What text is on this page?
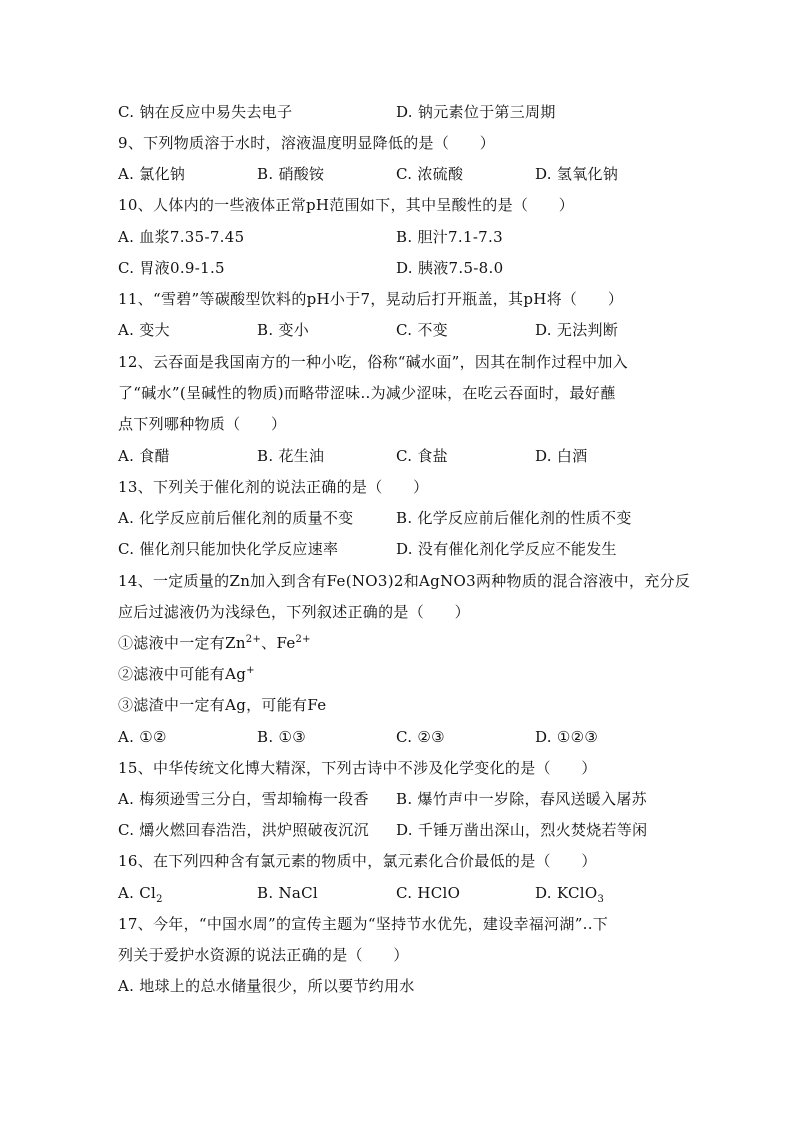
C. 钠在反应中易失去电子	D. 钠元素位于第三周期
9、下列物质溶于水时，溶液温度明显降低的是（　　）
A. 氯化钠	B. 硝酸铵	C. 浓硫酸	D. 氢氧化钠
10、人体内的一些液体正常pH范围如下，其中呈酸性的是（　　）
A. 血浆7.35-7.45	B. 胆汁7.1-7.3
C. 胃液0.9-1.5	D. 胰液7.5-8.0
11、“雪碧”等碳酸型饮料的pH小于7，晃动后打开瓶盖，其pH将（　　）
A. 变大	B. 变小	C. 不变	D. 无法判断
12、云吞面是我国南方的一种小吃，俗称“碱水面”，因其在制作过程中加入
了“碱水”(呈碱性的物质)而略带涩味..为减少涩味，在吃云吞面时，最好蘸
点下列哪种物质（　　）
A. 食醋	B. 花生油	C. 食盐	D. 白酒
13、下列关于催化剂的说法正确的是（　　）
A. 化学反应前后催化剂的质量不变	B. 化学反应前后催化剂的性质不变
C. 催化剂只能加快化学反应速率	D. 没有催化剂化学反应不能发生
14、一定质量的Zn加入到含有Fe(NO3)2和AgNO3两种物质的混合溶液中，充分反
应后过滤液仍为浅绿色，下列叙述正确的是（　　）
①滤液中一定有$Zn^{2+}$、$Fe^{2+}$
②滤液中可能有Ag+
③滤渣中一定有Ag，可能有Fe
A. ①②	B. ①③	C. ②③	D. ①②③
15、中华传统文化博大精深，下列古诗中不涉及化学变化的是（　　）
A. 梅须逊雪三分白，雪却输梅一段香 B. 爆竹声中一岁除，春风送暖入屠苏
C. 爝火燃回春浩浩，洪炉照破夜沉沉 D. 千锤万凿出深山，烈火焚烧若等闲
16、在下列四种含有氯元素的物质中，氯元素化合价最低的是（　　）
A. $Cl_2$	B. NaCl	C. HClO	D. KClO$_3$
17、今年，“中国水周”的宣传主题为“坚持节水优先，建设幸福河湖”..下
列关于爱护水资源的说法正确的是（　　）
A. 地球上的总水储量很少，所以要节约用水
